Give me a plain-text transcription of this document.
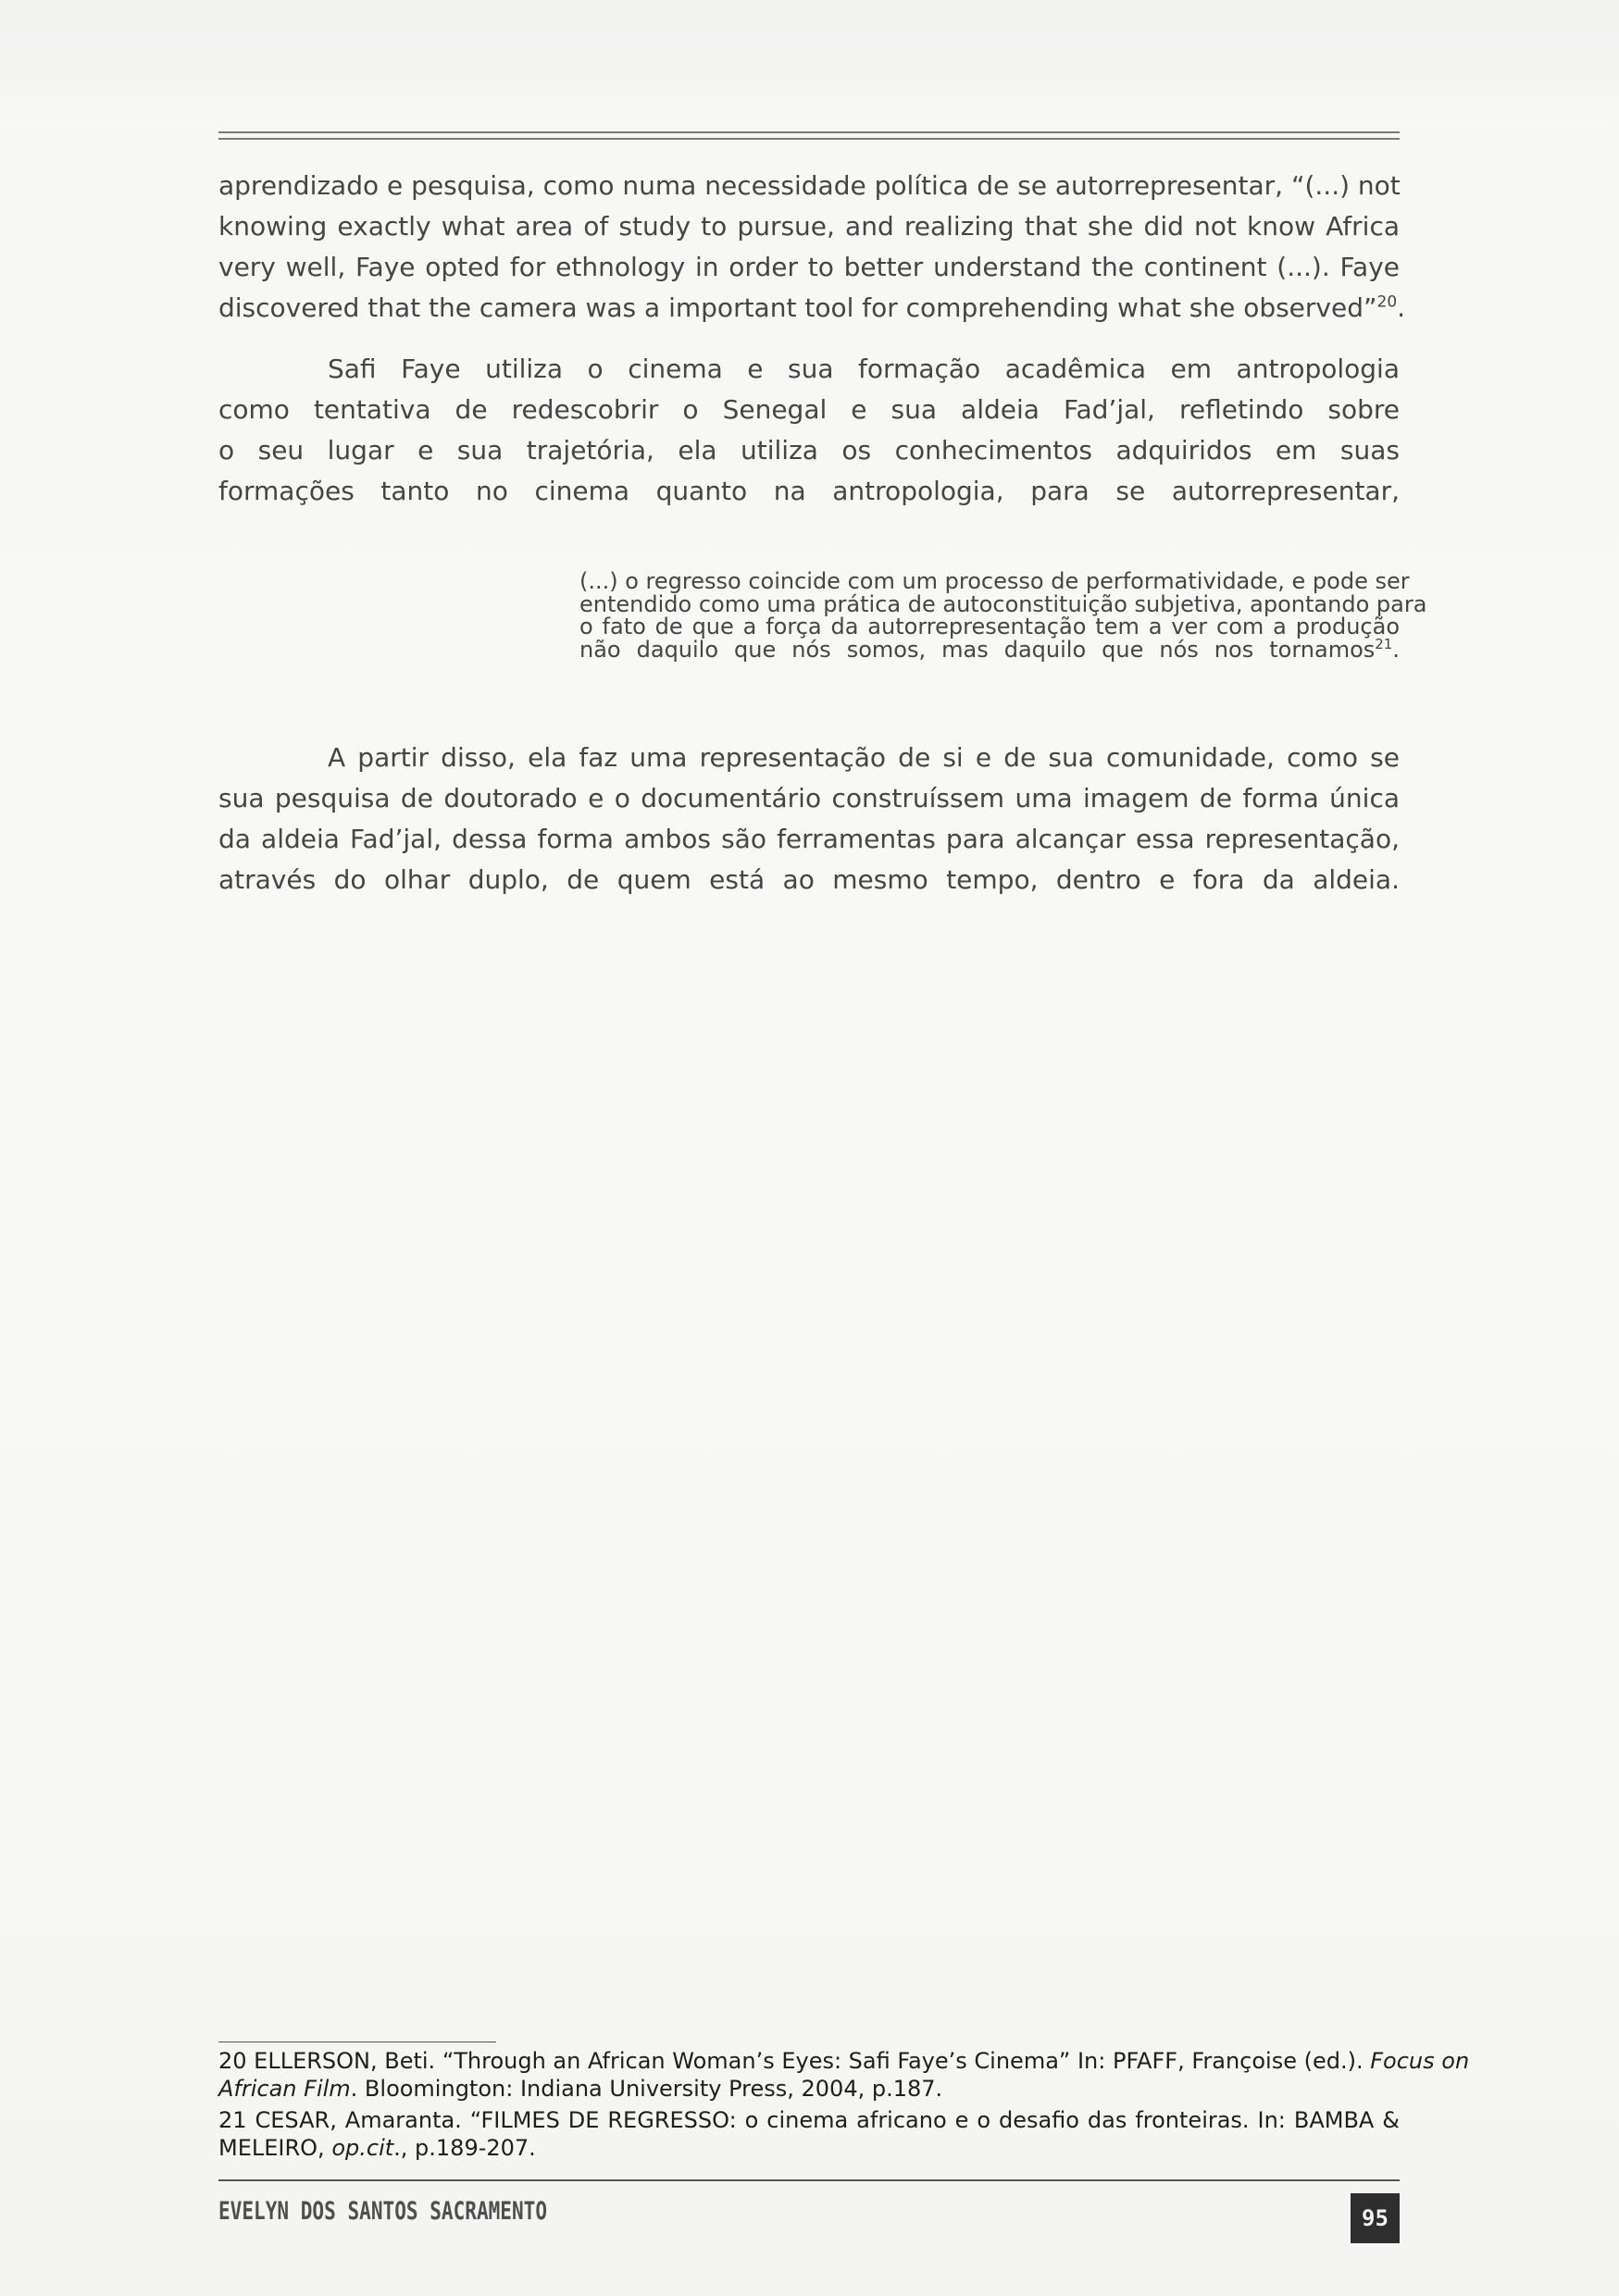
aprendizado e pesquisa, como numa necessidade política de se autorrepresentar, “(...) not
knowing exactly what area of study to pursue, and realizing that she did not know Africa
very well, Faye opted for ethnology in order to better understand the continent (...). Faye
discovered that the camera was a important tool for comprehending what she observed”$^{20}$.

Safi Faye utiliza o cinema e sua formação acadêmica em antropologia
como tentativa de redescobrir o Senegal e sua aldeia Fad’jal, refletindo sobre
o seu lugar e sua trajetória, ela utiliza os conhecimentos adquiridos em suas
formações tanto no cinema quanto na antropologia, para se autorrepresentar,

(...) o regresso coincide com um processo de performatividade, e pode ser
entendido como uma prática de autoconstituição subjetiva, apontando para
o fato de que a força da autorrepresentação tem a ver com a produção
não daquilo que nós somos, mas daquilo que nós nos tornamos$^{21}$.

A partir disso, ela faz uma representação de si e de sua comunidade, como se
sua pesquisa de doutorado e o documentário construíssem uma imagem de forma única
da aldeia Fad’jal, dessa forma ambos são ferramentas para alcançar essa representação,
através do olhar duplo, de quem está ao mesmo tempo, dentro e fora da aldeia.

20 ELLERSON, Beti. “Through an African Woman’s Eyes: Safi Faye’s Cinema” In: PFAFF, Françoise (ed.). Focus on
African Film. Bloomington: Indiana University Press, 2004, p.187.

21 CESAR, Amaranta. “FILMES DE REGRESSO: o cinema africano e o desafio das fronteiras. In: BAMBA &
MELEIRO, op.cit., p.189-207.

EVELYN DOS SANTOS SACRAMENTO	95
